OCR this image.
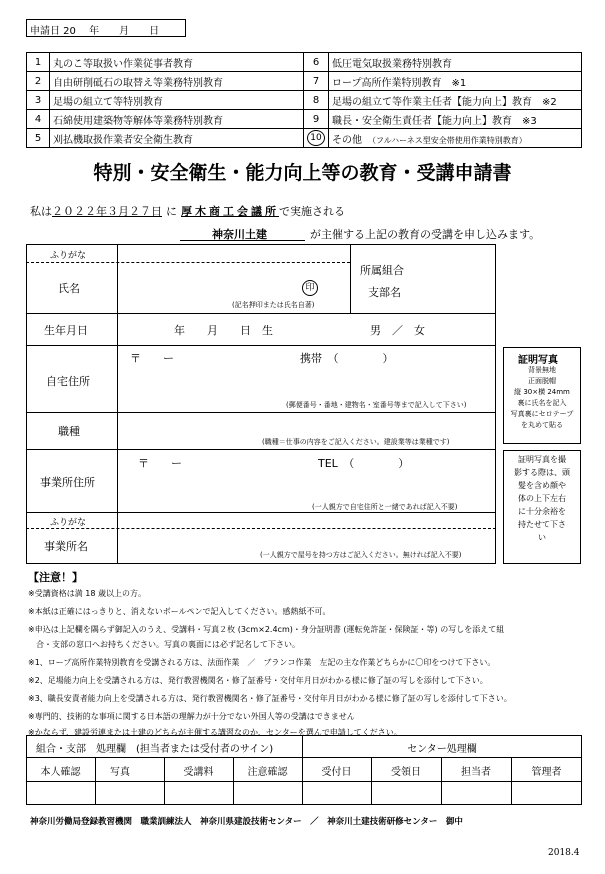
申請日 20　 年　　月　　日
1	丸のこ等取扱い作業従事者教育	6	低圧電気取扱業務特別教育
2	自由研削砥石の取替え等業務特別教育	7	ロープ高所作業特別教育　※1
3	足場の組立て等特別教育	8	足場の組立て等作業主任者【能力向上】教育　※2
4	石綿使用建築物等解体等業務特別教育	9	職長・安全衛生責任者【能力向上】教育　※3
5	刈払機取扱作業者安全衛生教育	10	その他　 （フルハーネス型安全帯使用作業特別教育）
特別・安全衛生・能力向上等の教育・受講申請書
私は２０２２年３月２７日 に 厚木商工会議所で実施される
神奈川土建	が主催する上記の教育の受講を申し込みます。
ふりがな
氏名	印
(記名押印または氏名自著)
所属組合
支部名
生年月日	年　　月　　日　生	男　／　女
自宅住所
〒　　ー	携帯　（　　　　）
(郵便番号・番地・建物名・室番号等まで記入して下さい)
証明写真
背景無地
正面脱帽
縦 30×横 24mm
裏に氏名を記入
写真裏にセロテープ
を丸めて貼る
職種
(職種＝仕事の内容をご記入ください。建設業等は業種です)
事業所住所
〒　　ー	TEL　（　　　　）
(一人親方で自宅住所と一緒であれば記入不要)
証明写真を撮
影する際は、頭
髪を含め顔や
体の上下左右
に十分余裕を
持たせて下さ
い
ふりがな
事業所名
(一人親方で屋号を持つ方はご記入ください。無ければ記入不要)
【注意！】
※受講資格は満 18 歳以上の方。
※本紙は正確にはっきりと、消えないボールペンで記入してください。感熱紙不可。
※申込は上記欄を隅らず御記入のうえ、受講料・写真２枚 (3cm×2.4cm)・身分証明書 (運転免許証・保険証・等) の写しを添えて組
　合・支部の窓口へお持ちください。写真の裏面には必ず記名して下さい。
※1、ロープ高所作業特別教育を受講される方は、法面作業　／　ブランコ作業　左記の主な作業どちらかに〇印をつけて下さい。
※2、足場能力向上を受講される方は、発行教習機関名・修了証番号・交付年月日がわかる様に修了証の写しを添付して下さい。
※3、職長安責者能力向上を受講される方は、発行教習機関名・修了証番号・交付年月日がわかる様に修了証の写しを添付して下さい。
※専門的、技術的な事項に関する日本語の理解力が十分でない外国人等の受講はできません
※かならず、建設労連または土建のどちらが主催する講習なのか、センターを選んで申請してください。
組合・支部　処理欄　(担当者または受付者のサイン)	センター処理欄
本人確認	写真	受講料	注意確認	受付日	受領日	担当者	管理者
神奈川労働局登録教習機関　職業訓練法人　神奈川県建設技術センター　／　神奈川土建技術研修センター　御中
2018.4
